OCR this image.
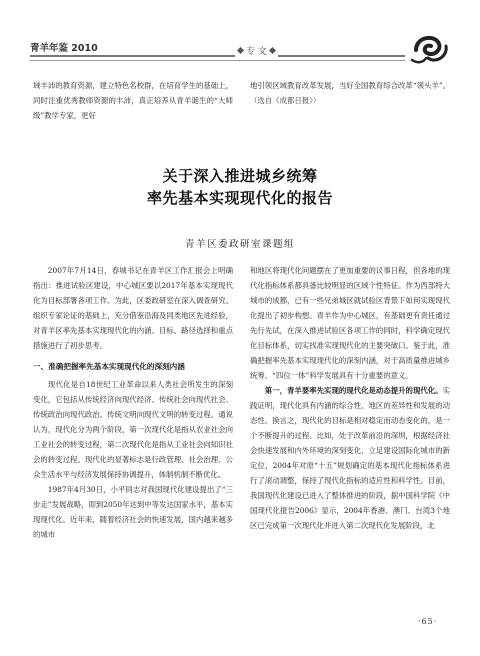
青羊年鉴 2010	专 文

域丰沛的教育资源，建立特色名校群，在培育学生的基础上，同时注重优秀教师资源的丰沛，真正培养从青羊诞生的“大师级”教学专家，更好

地引领区域教育改革发展，当好全国教育综合改革“领头羊”。（选自《成都日报》）

关于深入推进城乡统筹
率先基本实现现代化的报告
青羊区委政研室课题组

2007年7月14日，春城书记在青羊区工作汇报会上明确指出：推进试验区建设，中心城区要以2017年基本实现现代化为目标部署各项工作。为此，区委政研室在深入调查研究、组织专家论证的基础上，充分借鉴沿海及同类地区先进经验，对青羊区率先基本实现现代化的内涵、目标、路径选择和重点措施进行了初步思考。

一、准确把握率先基本实现现代化的深刻内涵

现代化是自18世纪工业革命以来人类社会所发生的深刻变化，它包括从传统经济向现代经济、传统社会向现代社会、传统政治向现代政治、传统文明向现代文明的转变过程。通说认为，现代化分为两个阶段，第一次现代化是指从农业社会向工业社会的转变过程，第二次现代化是指从工业社会向知识社会的转变过程。现代化的显著标志是行政管理、社会治理、公众生活水平与经济发展保持协调提升，体制机制不断优化。

1987年4月30日，小平同志对我国现代化建设提出了“三步走”发展战略，即到2050年达到中等发达国家水平，基本实现现代化。近年来，随着经济社会的快速发展，国内越来越多的城市

和地区将现代化问题摆在了更加重要的议事日程，但各地的现代化指标体系都具备比较明显的区域个性特征。作为西部特大城市的成都，已有一些兄弟城区就试验区背景下如何实现现代化提出了初步构想。青羊作为中心城区，有基础更有责任通过先行先试，在深入推进试验区各项工作的同时，科学确定现代化目标体系，切实找准实现现代化的主要突破口。鉴于此，准确把握率先基本实现现代化的深刻内涵，对于高质量推进城乡统筹、“四位一体”科学发展具有十分重要的意义。

第一，青羊要率先实现的现代化是动态提升的现代化。实践证明，现代化具有内涵的综合性、地区的差异性和发展的动态性。换言之，现代化的目标是相对稳定而动态变化的，是一个不断提升的过程。比如，处于改革前沿的深圳，根据经济社会快速发展和内外环境的深刻变化，立足建设国际化城市的新定位，2004年对原“十五”规划确定的基本现代化指标体系进行了滚动调整，保持了现代化指标的适应性和科学性。目前，我国现代化建设已进入了整体推进的阶段，据中国科学院《中国现代化报告2006》显示，2004年香港、澳门、台湾3个地区已完成第一次现代化并进入第二次现代化发展阶段，北

·65·
